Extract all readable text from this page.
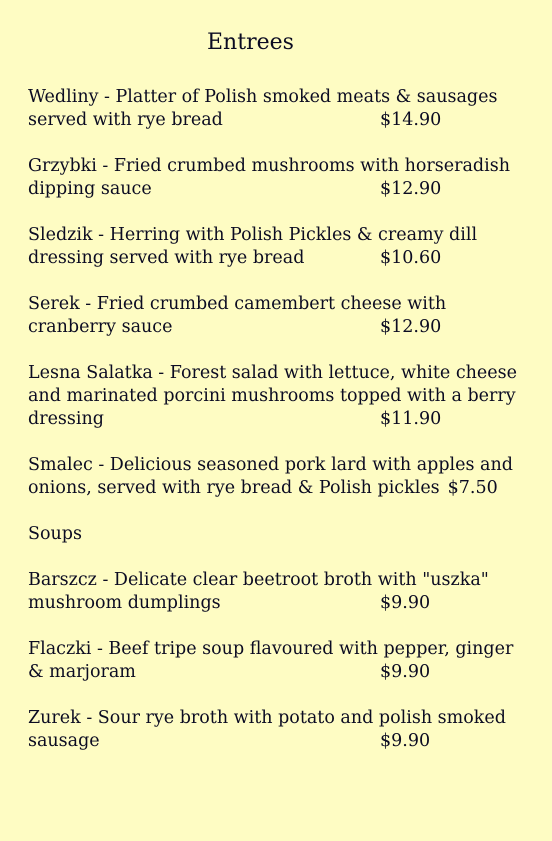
Entrees
Wedliny - Platter of Polish smoked meats & sausages
served with rye bread	$14.90
Grzybki - Fried crumbed mushrooms with horseradish
dipping sauce	$12.90
Sledzik - Herring with Polish Pickles & creamy dill
dressing served with rye bread	$10.60
Serek - Fried crumbed camembert cheese with
cranberry sauce	$12.90
Lesna Salatka - Forest salad with lettuce, white cheese
and marinated porcini mushrooms topped with a berry
dressing	$11.90
Smalec - Delicious seasoned pork lard with apples and
onions, served with rye bread & Polish pickles $7.50
Soups
Barszcz - Delicate clear beetroot broth with "uszka"
mushroom dumplings	$9.90
Flaczki - Beef tripe soup flavoured with pepper, ginger
& marjoram	$9.90
Zurek - Sour rye broth with potato and polish smoked
sausage	$9.90
